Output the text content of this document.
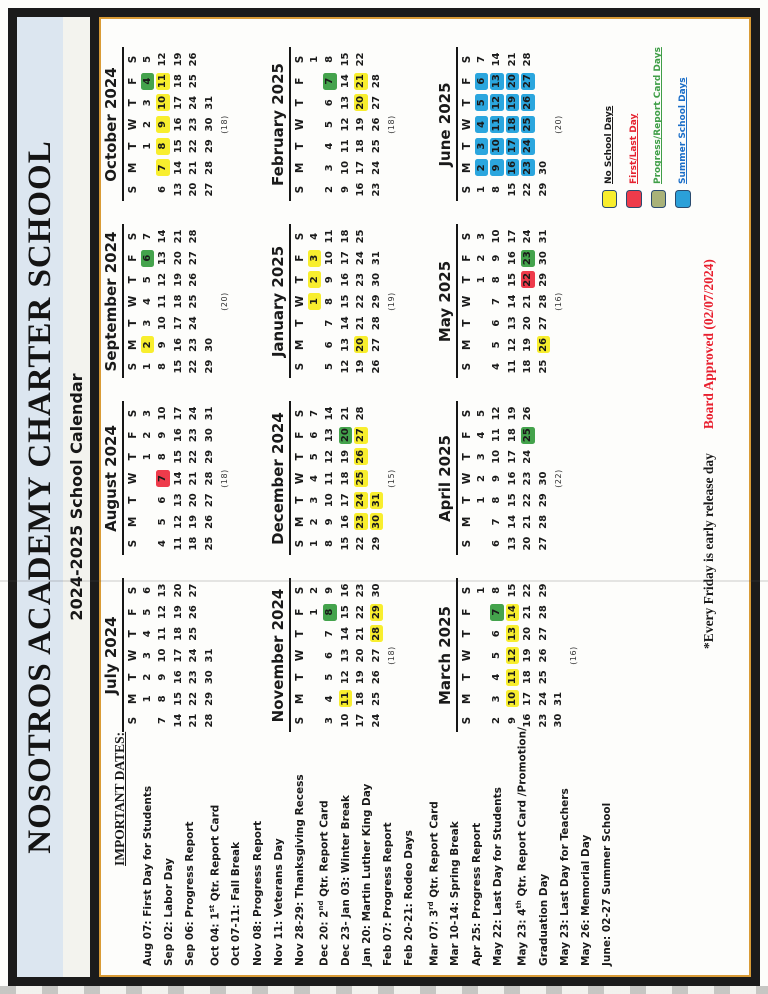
NOSOTROS ACADEMY CHARTER SCHOOL 2024-2025 School Calendar
IMPORTANT DATES:	Aug 07: First Day for Students Sep 02: Labor Day Sep 06: Progress Report	Oct 04: 1st Qtr. Report Card Oct 07-11: Fall Break Nov 08: Progress Report Nov 11: Veterans Day Nov 28-29: Thanksgiving Recess	Dec 20: 2nd Qtr. Report Card Dec 23- Jan 03: Winter Break Jan 20: Martin Luther King Day Feb 07: Progress Report Feb 20-21: Rodeo Days	Mar 07: 3rd Qtr. Report Card Mar 10-14: Spring Break Apr 25: Progress Report May 22: Last Day for Students	May 23: 4th Qtr. Report Card /Promotion/
Graduation Day May 23: Last Day for Teachers May 26: Memorial Day June: 02-27 Summer School
July 2024
S	M	T	W	T	F	S
	1	2	3	4	5	6
7	8	9	10	11	12	13
14	15	16	17	18	19	20
21	22	23	24	25	26	27
28	29	30	31			
August 2024
S	M	T	W	T	F	S
				1	2	3
4	5	6	7	8	9	10
11	12	13	14	15	16	17
18	19	20	21	22	23	24
25	26	27	28	29	30	31
(18)
September 2024 S	M	T	W	T	F	S
1	2	3	4	5	6	7
8	9	10	11	12	13	14
15	16	17	18	19	20	21
22	23	24	25	26	27	28
29	30					
(20)
October 2024
S	M	T	W	T	F	S
		1	2	3	4	5
6	7	8	9	10	11	12
13	14	15	16	17	18	19
20	21	22	23	24	25	26
27	28	29	30	31		
(18)
November 2024 S	M	T	W	T	F	S
					1	2
3	4	5	6	7	8	9
10	11	12	13	14	15	16
17	18	19	20	21	22	23
24	25	26	27	28	29	30
(18)
December 2024 S	M	T	W	T	F	S
1	2	3	4	5	6	7
8	9	10	11	12	13	14
15	16	17	18	19	20	21
22	23	24	25	26	27	28
29	30	31				
(15)
January 2025
S	M	T	W	T	F	S
			1	2	3	4
5	6	7	8	9	10	11
12	13	14	15	16	17	18
19	20	21	22	23	24	25
26	27	28	29	30	31	
(19)
February 2025
S	M	T	W	T	F	S
						1
2	3	4	5	6	7	8
9	10	11	12	13	14	15
16	17	18	19	20	21	22
23	24	25	26	27	28	
(18)
March 2025
S	M	T	W	T	F	S
						1
2	3	4	5	6	7	8
9	10	11	12	13	14	15
16	17	18	19	20	21	22
23	24	25	26	27	28	29
30	31					
(16)
April 2025
S	M	T	W	T	F	S
		1	2	3	4	5
6	7	8	9	10	11	12
13	14	15	16	17	18	19
20	21	22	23	24	25	26
27	28	29	30			(22)
May 2025
S	M	T	W	T	F	S
				1	2	3
4	5	6	7	8	9	10
11	12	13	14	15	16	17
18	19	20	21	22	23	24
25	26	27	28	29	30	31
(16)
June 2025
S	M	T	W	T	F	S
1	2	3	4	5	6	7
8	9	10	11	12	13	14
15	16	17	18	19	20	21
22	23	24	25	26	27	28
29	30					
(20)	No School Days First/Last Day Progress/Report Card Days Summer School Days
*Every Friday is early release dayBoard Approved (02/07/2024)
